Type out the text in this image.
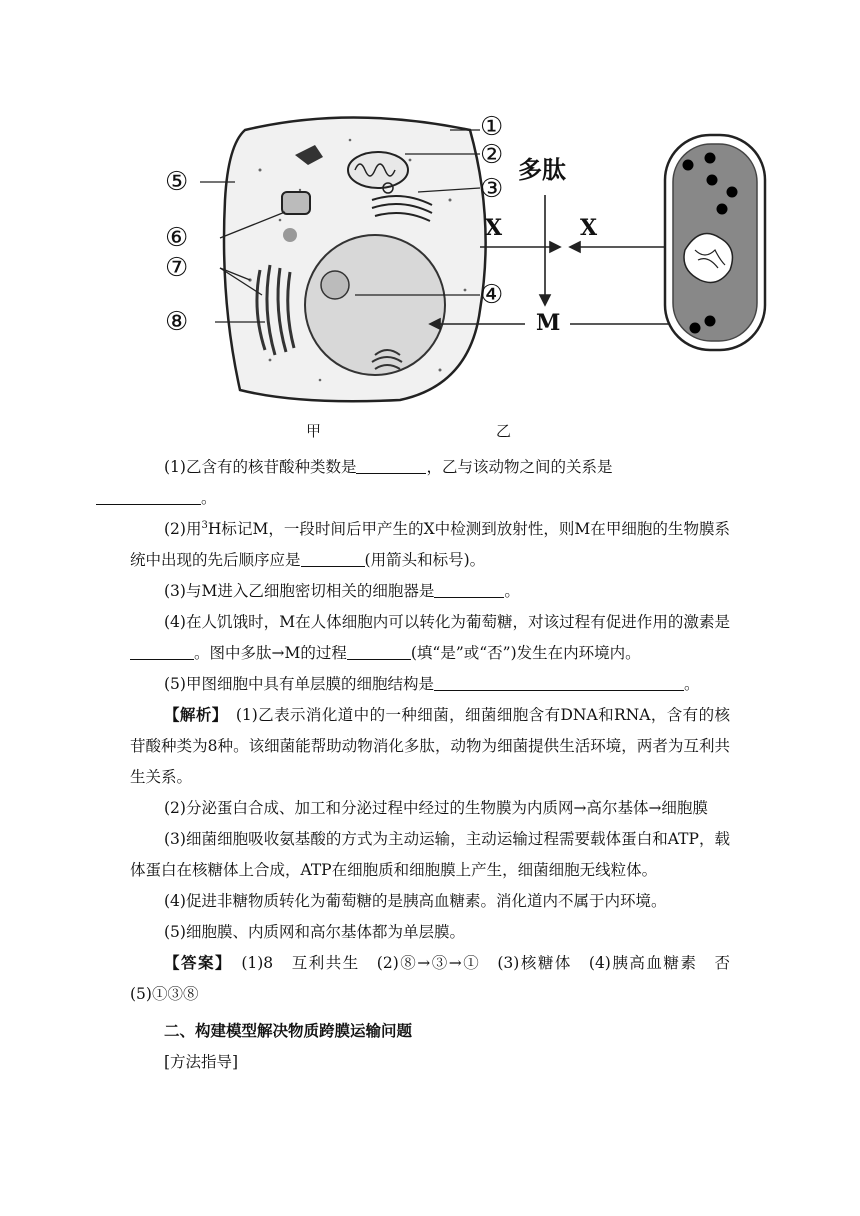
①
② 多肽
③
⑤
⑥
⑦
⑧
④
X	X
M
甲	乙

(1)乙含有的核苷酸种类数是	，乙与该动物之间的关系是
。

(2)用$^3$H标记M，一段时间后甲产生的X中检测到放射性，则M在甲细胞的生物膜系统中出现的先后顺序应是	(用箭头和标号)。

(3)与M进入乙细胞密切相关的细胞器是	。

(4)在人饥饿时，M在人体细胞内可以转化为葡萄糖，对该过程有促进作用的激素是。图中多肽→M的过程	(填“是”或“否”)发生在内环境内。

(5)甲图细胞中具有单层膜的细胞结构是	。

【解析】　(1)乙表示消化道中的一种细菌，细菌细胞含有DNA和RNA，含有的核苷酸种类为8种。该细菌能帮助动物消化多肽，动物为细菌提供生活环境，两者为互利共生关系。

(2)分泌蛋白合成、加工和分泌过程中经过的生物膜为内质网→高尔基体→细胞膜

(3)细菌细胞吸收氨基酸的方式为主动运输，主动运输过程需要载体蛋白和ATP，载体蛋白在核糖体上合成，ATP在细胞质和细胞膜上产生，细菌细胞无线粒体。

(4)促进非糖物质转化为葡萄糖的是胰高血糖素。消化道内不属于内环境。

(5)细胞膜、内质网和高尔基体都为单层膜。

【答案】　(1)8　互利共生　(2)⑧→③→①　(3)核糖体　(4)胰高血糖素　否　(5)①③⑧

二、构建模型解决物质跨膜运输问题

[方法指导]
